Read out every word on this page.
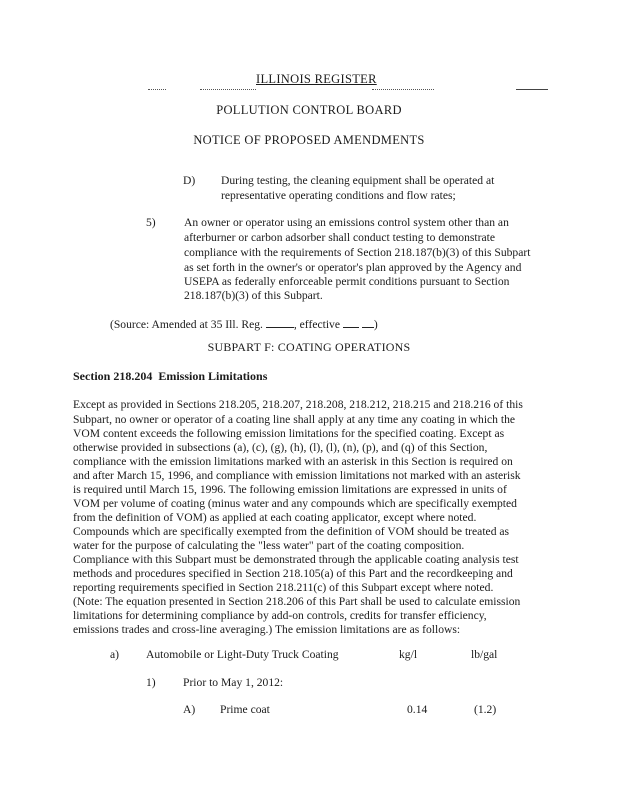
ILLINOIS REGISTER
POLLUTION CONTROL BOARD
NOTICE OF PROPOSED AMENDMENTS
D) During testing, the cleaning equipment shall be operated at
representative operating conditions and flow rates;
5) An owner or operator using an emissions control system other than an
afterburner or carbon adsorber shall conduct testing to demonstrate
compliance with the requirements of Section 218.187(b)(3) of this Subpart
as set forth in the owner's or operator's plan approved by the Agency and
USEPA as federally enforceable permit conditions pursuant to Section
218.187(b)(3) of this Subpart.
(Source: Amended at 35 Ill. Reg.	, effective	)
SUBPART F: COATING OPERATIONS
Section 218.204 Emission Limitations
Except as provided in Sections 218.205, 218.207, 218.208, 218.212, 218.215 and 218.216 of this
Subpart, no owner or operator of a coating line shall apply at any time any coating in which the
VOM content exceeds the following emission limitations for the specified coating. Except as
otherwise provided in subsections (a), (c), (g), (h), (l), (l), (n), (p), and (q) of this Section,
compliance with the emission limitations marked with an asterisk in this Section is required on
and after March 15, 1996, and compliance with emission limitations not marked with an asterisk
is required until March 15, 1996. The following emission limitations are expressed in units of
VOM per volume of coating (minus water and any compounds which are specifically exempted
from the definition of VOM) as applied at each coating applicator, except where noted.
Compounds which are specifically exempted from the definition of VOM should be treated as
water for the purpose of calculating the "less water" part of the coating composition.
Compliance with this Subpart must be demonstrated through the applicable coating analysis test
methods and procedures specified in Section 218.105(a) of this Part and the recordkeeping and
reporting requirements specified in Section 218.211(c) of this Subpart except where noted.
(Note: The equation presented in Section 218.206 of this Part shall be used to calculate emission
limitations for determining compliance by add-on controls, credits for transfer efficiency,
emissions trades and cross-line averaging.) The emission limitations are as follows:
a) Automobile or Light-Duty Truck Coating	kg/l	lb/gal
1) Prior to May 1, 2012:
A) Prime coat	0.14	(1.2)
